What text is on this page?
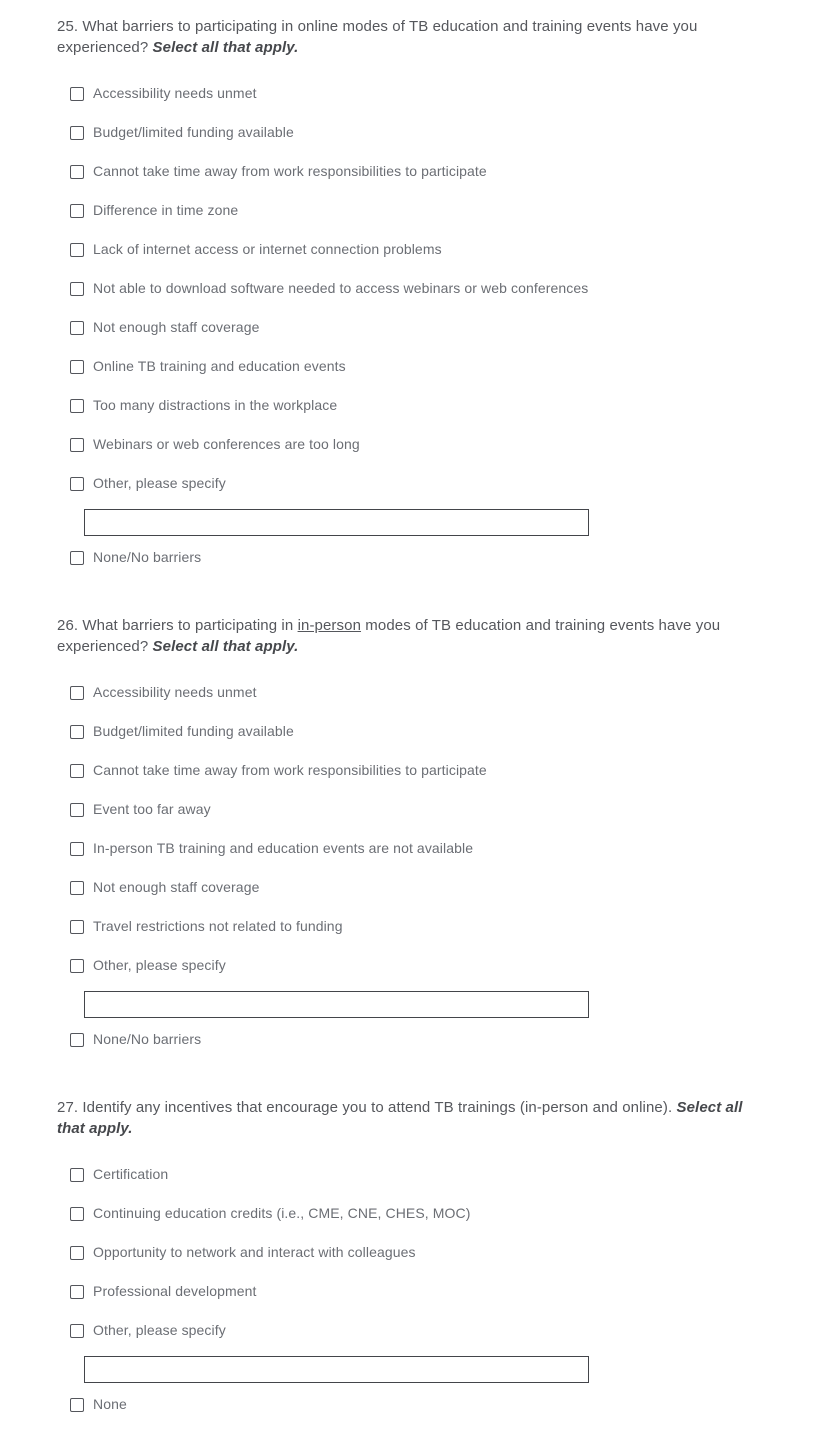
25. What barriers to participating in online modes of TB education and training events have you experienced? Select all that apply.
Accessibility needs unmet
Budget/limited funding available
Cannot take time away from work responsibilities to participate
Difference in time zone
Lack of internet access or internet connection problems
Not able to download software needed to access webinars or web conferences
Not enough staff coverage
Online TB training and education events
Too many distractions in the workplace
Webinars or web conferences are too long
Other, please specify
None/No barriers
26. What barriers to participating in in-person modes of TB education and training events have you experienced? Select all that apply.
Accessibility needs unmet
Budget/limited funding available
Cannot take time away from work responsibilities to participate
Event too far away
In-person TB training and education events are not available
Not enough staff coverage
Travel restrictions not related to funding
Other, please specify
None/No barriers
27. Identify any incentives that encourage you to attend TB trainings (in-person and online). Select all that apply.
Certification
Continuing education credits (i.e., CME, CNE, CHES, MOC)
Opportunity to network and interact with colleagues
Professional development
Other, please specify
None
